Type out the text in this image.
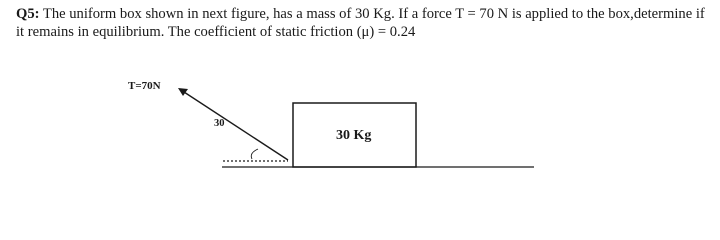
Q5: The uniform box shown in next figure, has a mass of 30 Kg. If a force T = 70 N is applied to the box,determine if it remains in equilibrium. The coefficient of static friction (μ) = 0.24

T=70N
30
30 Kg
